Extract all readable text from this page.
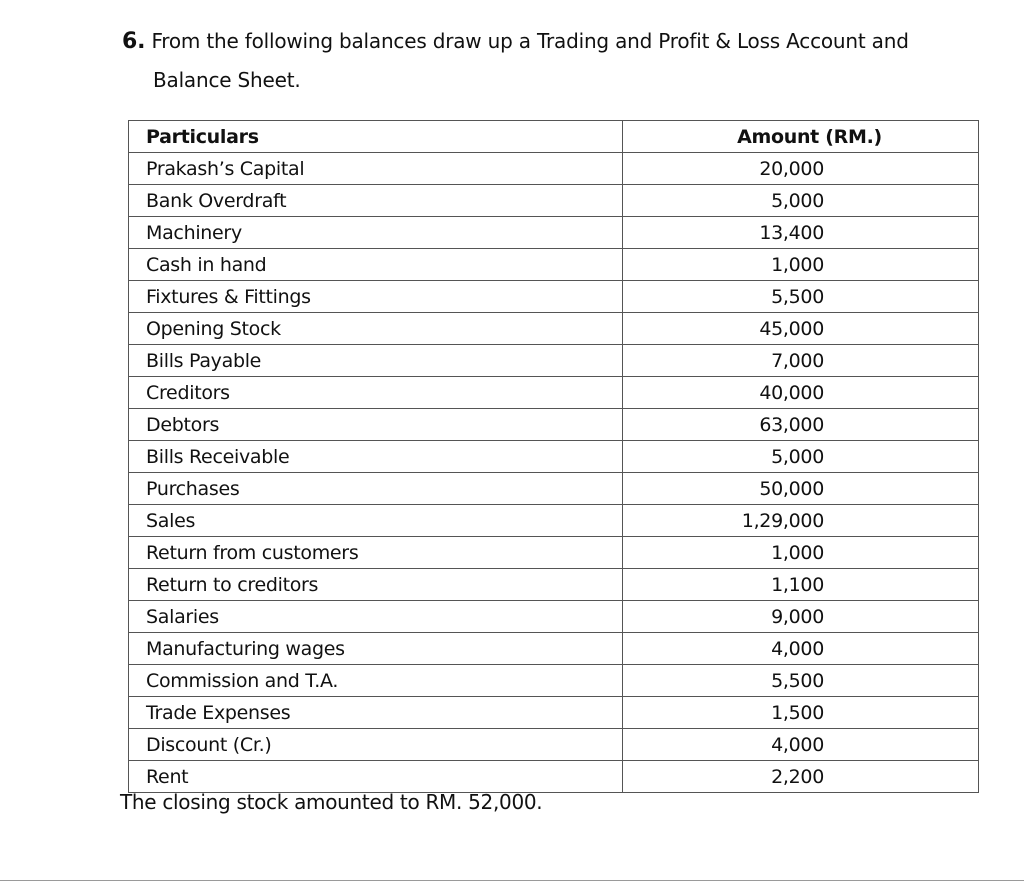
6. From the following balances draw up a Trading and Profit & Loss Account and
Balance Sheet.
Particulars	Amount (RM.)
Prakash’s Capital	20,000
Bank Overdraft	5,000
Machinery	13,400
Cash in hand	1,000
Fixtures & Fittings	5,500
Opening Stock	45,000
Bills Payable	7,000
Creditors	40,000
Debtors	63,000
Bills Receivable	5,000
Purchases	50,000
Sales	1,29,000
Return from customers	1,000
Return to creditors	1,100
Salaries	9,000
Manufacturing wages	4,000
Commission and T.A.	5,500
Trade Expenses	1,500
Discount (Cr.)	4,000
Rent	2,200
The closing stock amounted to RM. 52,000.
